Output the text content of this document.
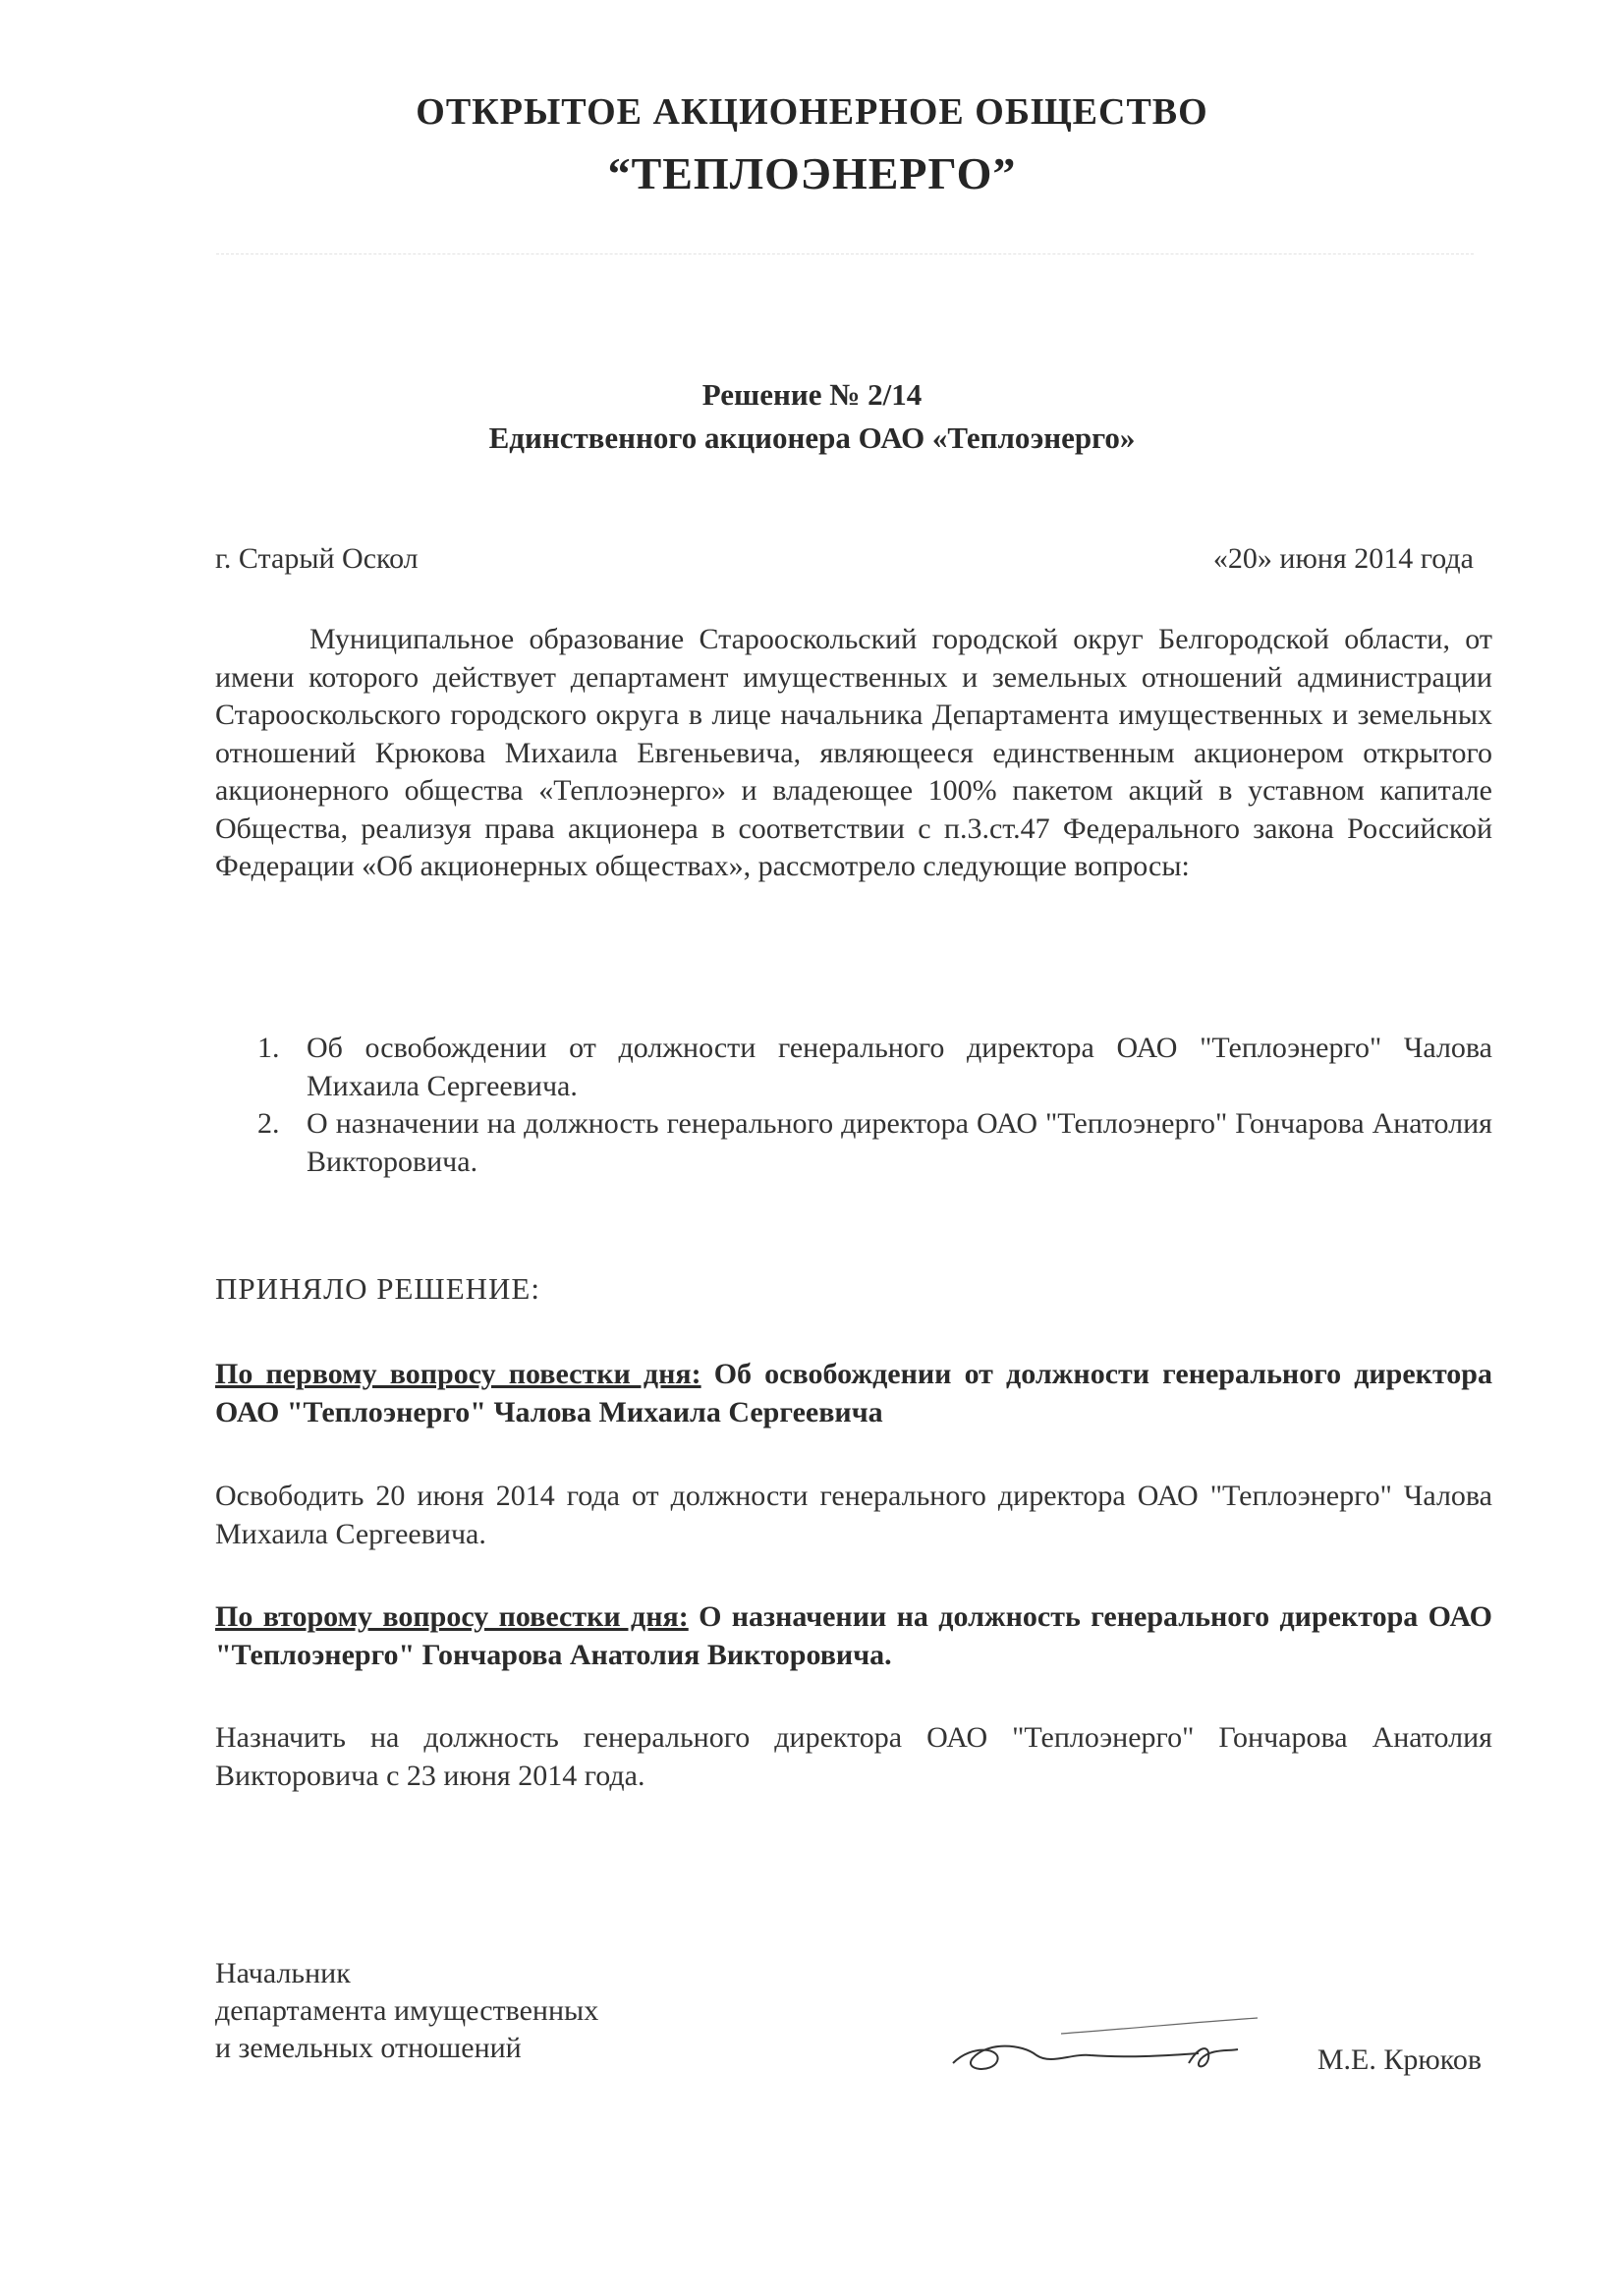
ОТКРЫТОЕ АКЦИОНЕРНОЕ ОБЩЕСТВО
“ТЕПЛОЭНЕРГО”
Решение № 2/14
Единственного акционера ОАО «Теплоэнерго»
г. Старый Оскол	«20» июня 2014 года

Муниципальное образование Старооскольский городской округ Белгородской области, от имени которого действует департамент имущественных и земельных отношений администрации Старооскольского городского округа в лице начальника Департамента имущественных и земельных отношений Крюкова Михаила Евгеньевича, являющееся единственным акционером открытого акционерного общества «Теплоэнерго» и владеющее 100% пакетом акций в уставном капитале Общества, реализуя права акционера в соответствии с п.3.ст.47 Федерального закона Российской Федерации «Об акционерных обществах», рассмотрело следующие вопросы:

1. Об освобождении от должности генерального директора ОАО "Теплоэнерго" Чалова Михаила Сергеевича.
2. О назначении на должность генерального директора ОАО "Теплоэнерго" Гончарова Анатолия Викторовича.
ПРИНЯЛО РЕШЕНИЕ:

По первому вопросу повестки дня: Об освобождении от должности генерального директора ОАО "Теплоэнерго" Чалова Михаила Сергеевича

Освободить 20 июня 2014 года от должности генерального директора ОАО "Теплоэнерго" Чалова Михаила Сергеевича.

По второму вопросу повестки дня: О назначении на должность генерального директора ОАО "Теплоэнерго" Гончарова Анатолия Викторовича.

Назначить на должность генерального директора ОАО "Теплоэнерго" Гончарова Анатолия Викторовича с 23 июня 2014 года.

Начальник
департамента имущественных
и земельных отношений	М.Е. Крюков
